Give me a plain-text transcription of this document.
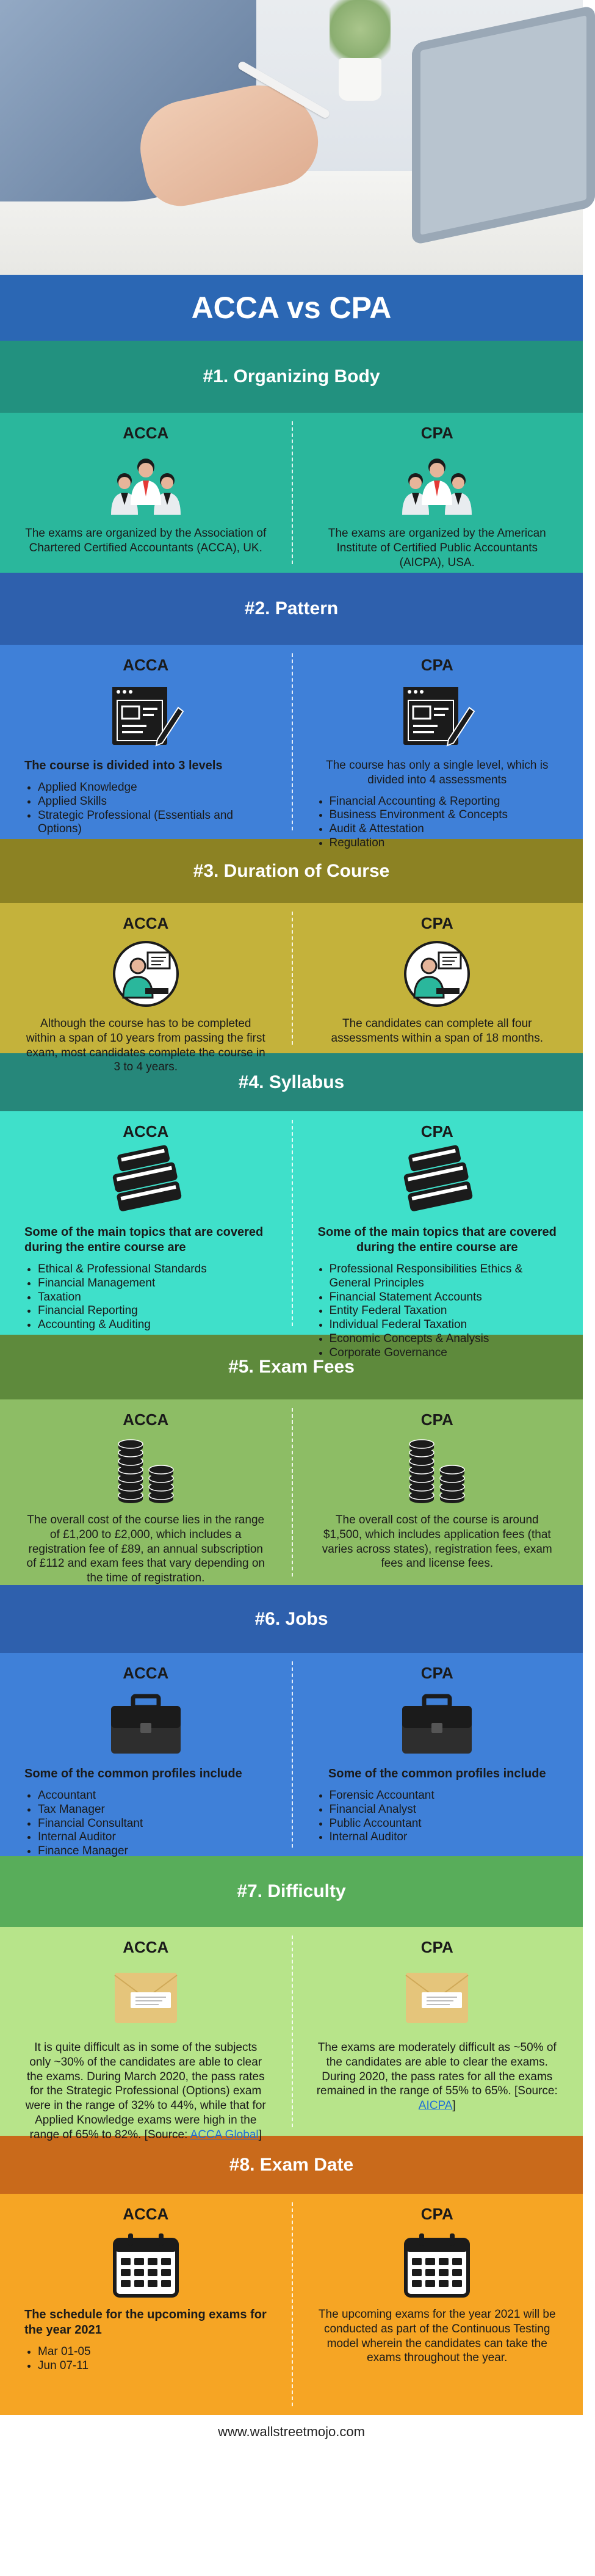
ACCA vs CPA
#1. Organizing Body
ACCA
The exams are organized by the Association of Chartered Certified Accountants (ACCA), UK.
CPA
The exams are organized by the American Institute of Certified Public Accountants (AICPA), USA.
#2. Pattern
ACCA
The course is divided into 3 levels
• Applied Knowledge
• Applied Skills
• Strategic Professional (Essentials and Options)
CPA
The course has only a single level, which is divided into 4 assessments
• Financial Accounting & Reporting
• Business Environment & Concepts
• Audit & Attestation
• Regulation
#3. Duration of Course
ACCA
Although the course has to be completed within a span of 10 years from passing the first exam, most candidates complete the course in 3 to 4 years.
CPA
The candidates can complete all four assessments within a span of 18 months.
#4. Syllabus
ACCA
Some of the main topics that are covered during the entire course are
• Ethical & Professional Standards
• Financial Management
• Taxation
• Financial Reporting
• Accounting & Auditing
CPA
Some of the main topics that are covered during the entire course are
• Professional Responsibilities Ethics & General Principles
• Financial Statement Accounts
• Entity Federal Taxation
• Individual Federal Taxation
• Economic Concepts & Analysis
• Corporate Governance
#5. Exam Fees
ACCA
The overall cost of the course lies in the range of £1,200 to £2,000, which includes a registration fee of £89, an annual subscription of £112 and exam fees that vary depending on the time of registration.
CPA
The overall cost of the course is around $1,500, which includes application fees (that varies across states), registration fees, exam fees and license fees.
#6. Jobs
ACCA
Some of the common profiles include
• Accountant
• Tax Manager
• Financial Consultant
• Internal Auditor
• Finance Manager
CPA
Some of the common profiles include
• Forensic Accountant
• Financial Analyst
• Public Accountant
• Internal Auditor
#7. Difficulty
ACCA
It is quite difficult as in some of the subjects only ~30% of the candidates are able to clear the exams. During March 2020, the pass rates for the Strategic Professional (Options) exam were in the range of 32% to 44%, while that for Applied Knowledge exams were high in the range of 65% to 82%. [Source: ACCA Global]
CPA
The exams are moderately difficult as ~50% of the candidates are able to clear the exams. During 2020, the pass rates for all the exams remained in the range of 55% to 65%. [Source: AICPA]
#8. Exam Date
ACCA
The schedule for the upcoming exams for the year 2021
• Mar 01-05
• Jun 07-11
CPA
The upcoming exams for the year 2021 will be conducted as part of the Continuous Testing model wherein the candidates can take the exams throughout the year.
www.wallstreetmojo.com
